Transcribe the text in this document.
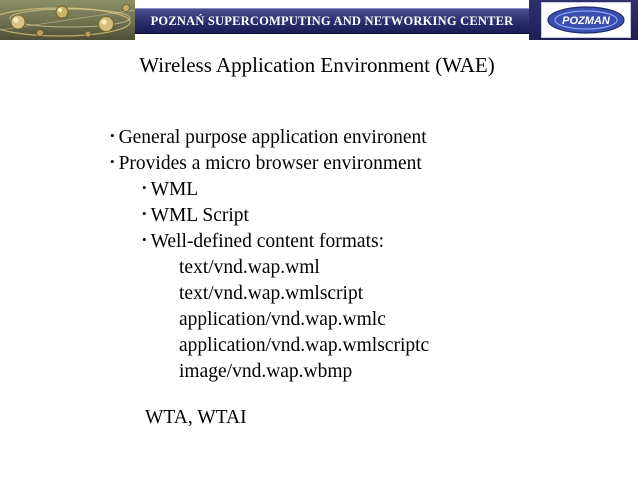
POZNAŃ SUPERCOMPUTING AND NETWORKING CENTER	POZMAN
Wireless Application Environment (WAE)
• General purpose application environent
• Provides a micro browser environment
• WML
• WML Script
• Well-defined content formats:
text/vnd.wap.wml
text/vnd.wap.wmlscript
application/vnd.wap.wmlc
application/vnd.wap.wmlscriptc
image/vnd.wap.wbmp
WTA, WTAI
